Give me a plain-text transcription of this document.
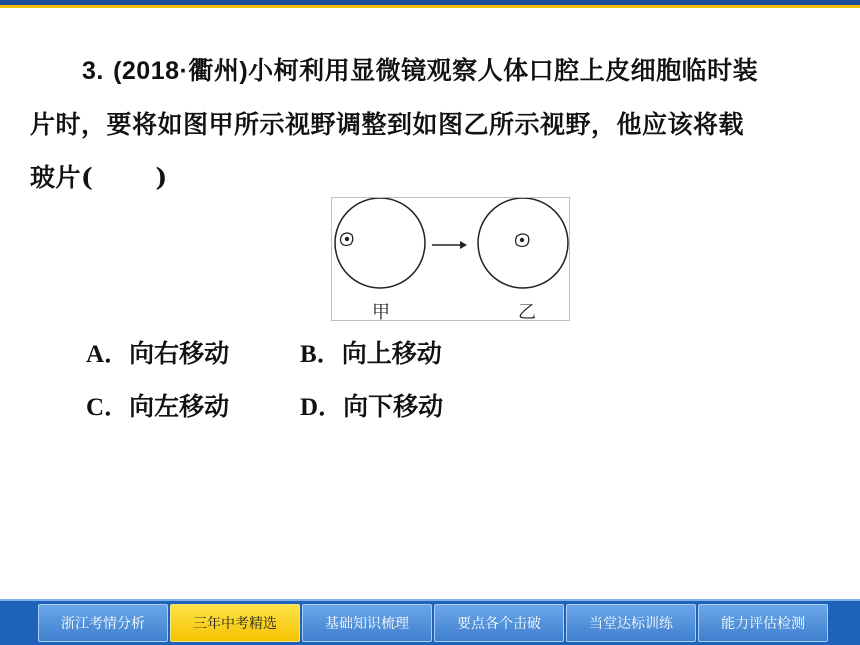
3. (2018·衢州)小柯利用显微镜观察人体口腔上皮细胞临时装
片时，要将如图甲所示视野调整到如图乙所示视野，他应该将载
玻片( )
甲	乙
A．向右移动	B．向上移动
C．向左移动	D．向下移动
浙江考情分析	三年中考精选	基础知识梳理	要点各个击破	当堂达标训练	能力评估检测
